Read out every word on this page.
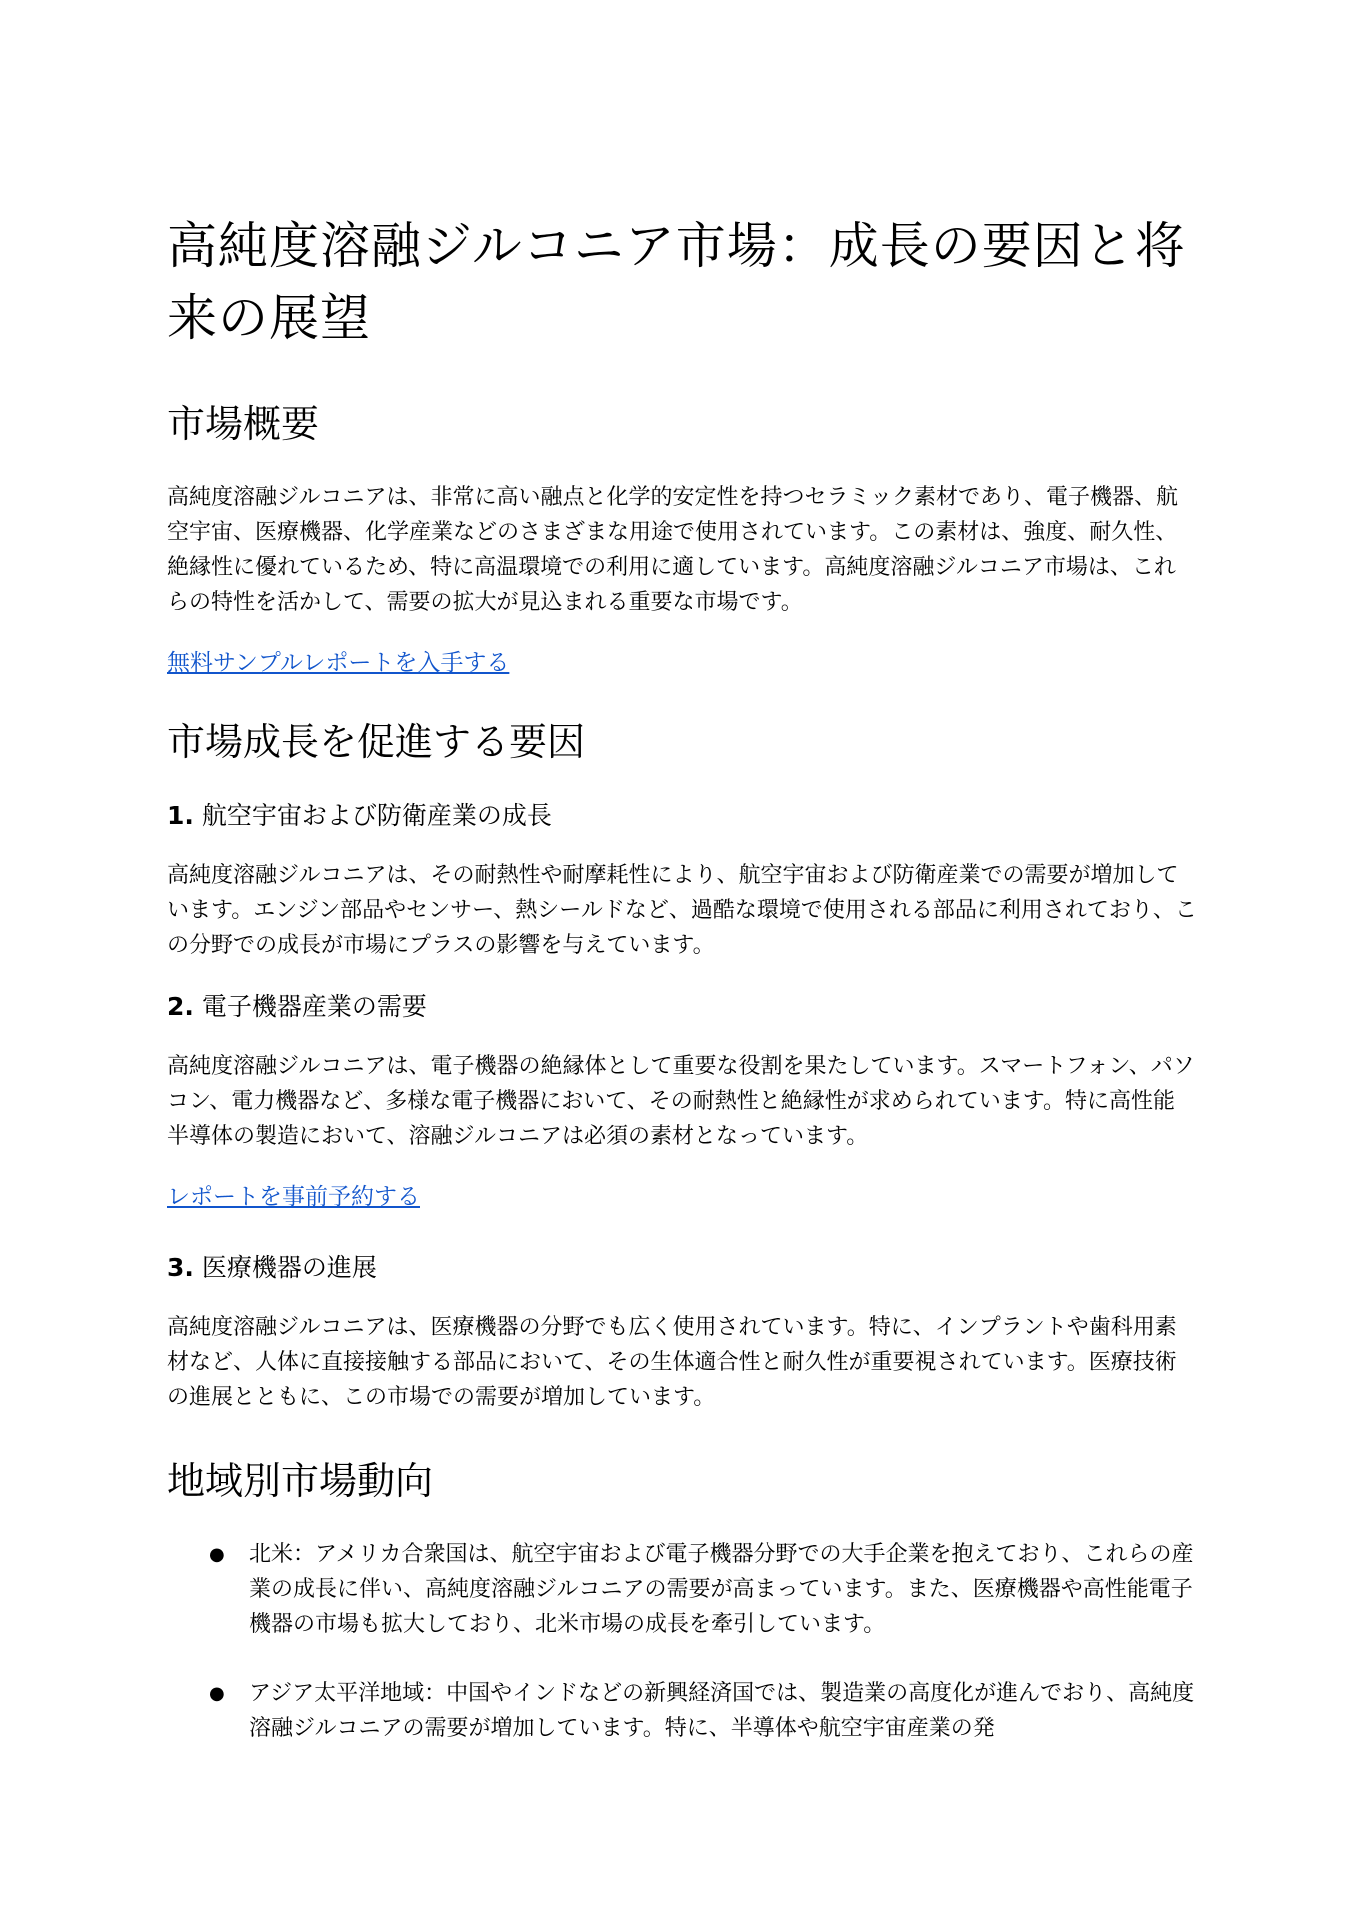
高純度溶融ジルコニア市場：成長の要因と将
来の展望
市場概要

高純度溶融ジルコニアは、非常に高い融点と化学的安定性を持つセラミック素材であり、電子機器、航空宇宙、医療機器、化学産業などのさまざまな用途で使用されています。この素材は、強度、耐久性、絶縁性に優れているため、特に高温環境での利用に適しています。高純度溶融ジルコニア市場は、これらの特性を活かして、需要の拡大が見込まれる重要な市場です。

無料サンプルレポートを入手する
市場成長を促進する要因
1. 航空宇宙および防衛産業の成長

高純度溶融ジルコニアは、その耐熱性や耐摩耗性により、航空宇宙および防衛産業での需要が増加しています。エンジン部品やセンサー、熱シールドなど、過酷な環境で使用される部品に利用されており、この分野での成長が市場にプラスの影響を与えています。

2. 電子機器産業の需要

高純度溶融ジルコニアは、電子機器の絶縁体として重要な役割を果たしています。スマートフォン、パソコン、電力機器など、多様な電子機器において、その耐熱性と絶縁性が求められています。特に高性能半導体の製造において、溶融ジルコニアは必須の素材となっています。

レポートを事前予約する
3. 医療機器の進展

高純度溶融ジルコニアは、医療機器の分野でも広く使用されています。特に、インプラントや歯科用素材など、人体に直接接触する部品において、その生体適合性と耐久性が重要視されています。医療技術の進展とともに、この市場での需要が増加しています。

地域別市場動向
● 北米：アメリカ合衆国は、航空宇宙および電子機器分野での大手企業を抱えており、これらの産業の成長に伴い、高純度溶融ジルコニアの需要が高まっています。また、医療機器や高性能電子機器の市場も拡大しており、北米市場の成長を牽引しています。
● アジア太平洋地域：中国やインドなどの新興経済国では、製造業の高度化が進んでおり、高純度溶融ジルコニアの需要が増加しています。特に、半導体や航空宇宙産業の発
